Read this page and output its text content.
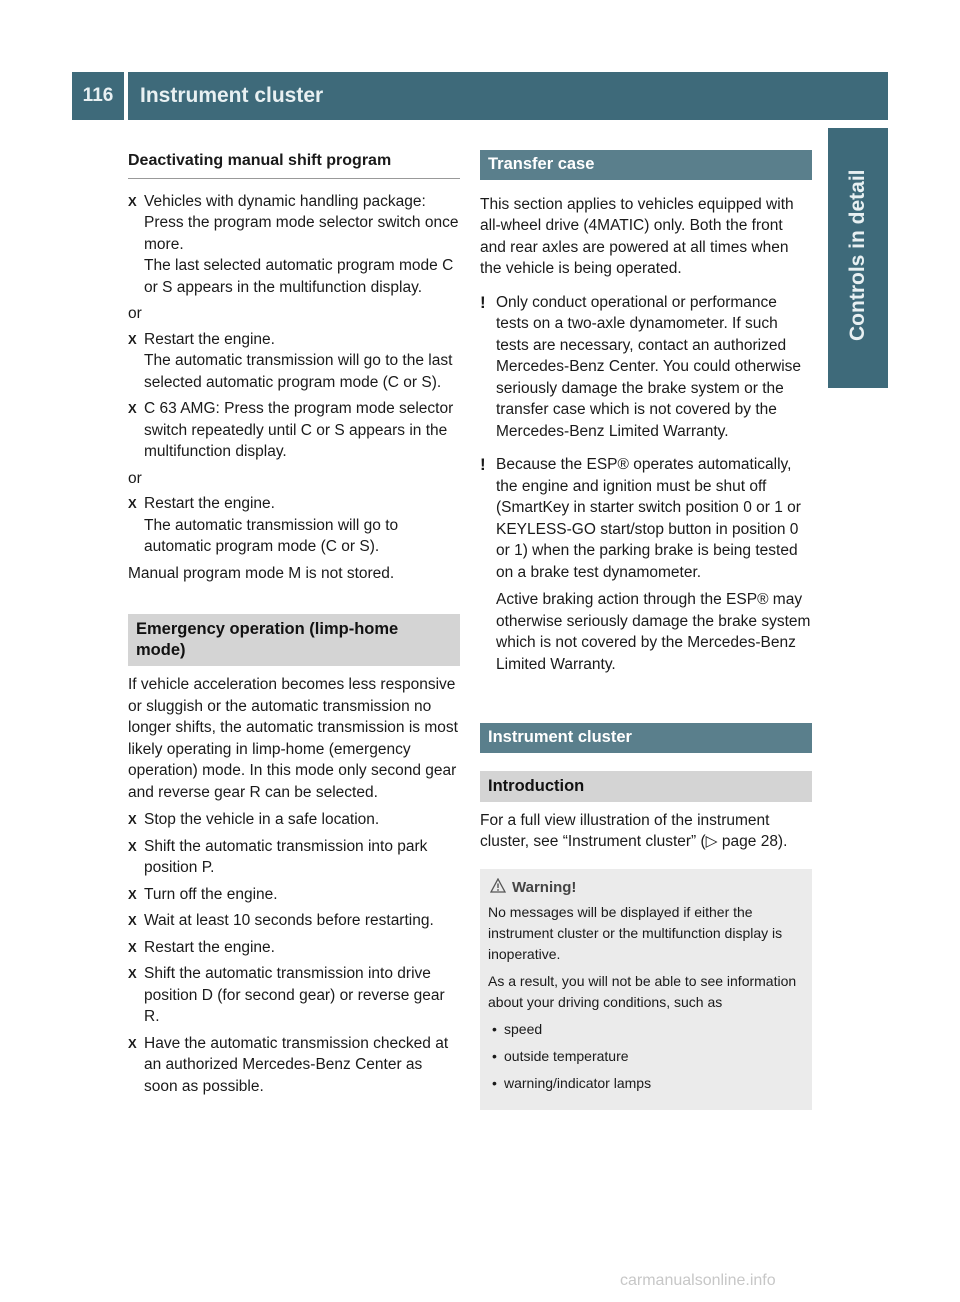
116	Instrument cluster
Controls in detail
Deactivating manual shift program
X Vehicles with dynamic handling package: Press the program mode selector switch once more.
The last selected automatic program mode C or S appears in the multifunction display.
or
X Restart the engine.
The automatic transmission will go to the last selected automatic program mode (C or S).
X C 63 AMG: Press the program mode selector switch repeatedly until C or S appears in the multifunction display.
or
X Restart the engine.
The automatic transmission will go to automatic program mode (C or S).

Manual program mode M is not stored.

Emergency operation (limp-home mode)

If vehicle acceleration becomes less responsive or sluggish or the automatic transmission no longer shifts, the automatic transmission is most likely operating in limp-home (emergency operation) mode. In this mode only second gear and reverse gear R can be selected.

X Stop the vehicle in a safe location.
X Shift the automatic transmission into park position P.
X Turn off the engine.
X Wait at least 10 seconds before restarting.
X Restart the engine.
X Shift the automatic transmission into drive position D (for second gear) or reverse gear R.
X Have the automatic transmission checked at an authorized Mercedes-Benz Center as soon as possible.
Transfer case

This section applies to vehicles equipped with all-wheel drive (4MATIC) only. Both the front and rear axles are powered at all times when the vehicle is being operated.

! Only conduct operational or performance tests on a two-axle dynamometer. If such tests are necessary, contact an authorized Mercedes-Benz Center. You could otherwise seriously damage the brake system or the transfer case which is not covered by the Mercedes-Benz Limited Warranty.
! Because the ESP® operates automatically, the engine and ignition must be shut off (SmartKey in starter switch position 0 or 1 or KEYLESS-GO start/stop button in position 0 or 1) when the parking brake is being tested on a brake test dynamometer.
Active braking action through the ESP® may otherwise seriously damage the brake system which is not covered by the Mercedes-Benz Limited Warranty.
Instrument cluster
Introduction

For a full view illustration of the instrument cluster, see “Instrument cluster” (▷ page 28).

Warning!

No messages will be displayed if either the instrument cluster or the multifunction display is inoperative.

As a result, you will not be able to see information about your driving conditions, such as

• speed
• outside temperature
• warning/indicator lamps
carmanualsonline.info
